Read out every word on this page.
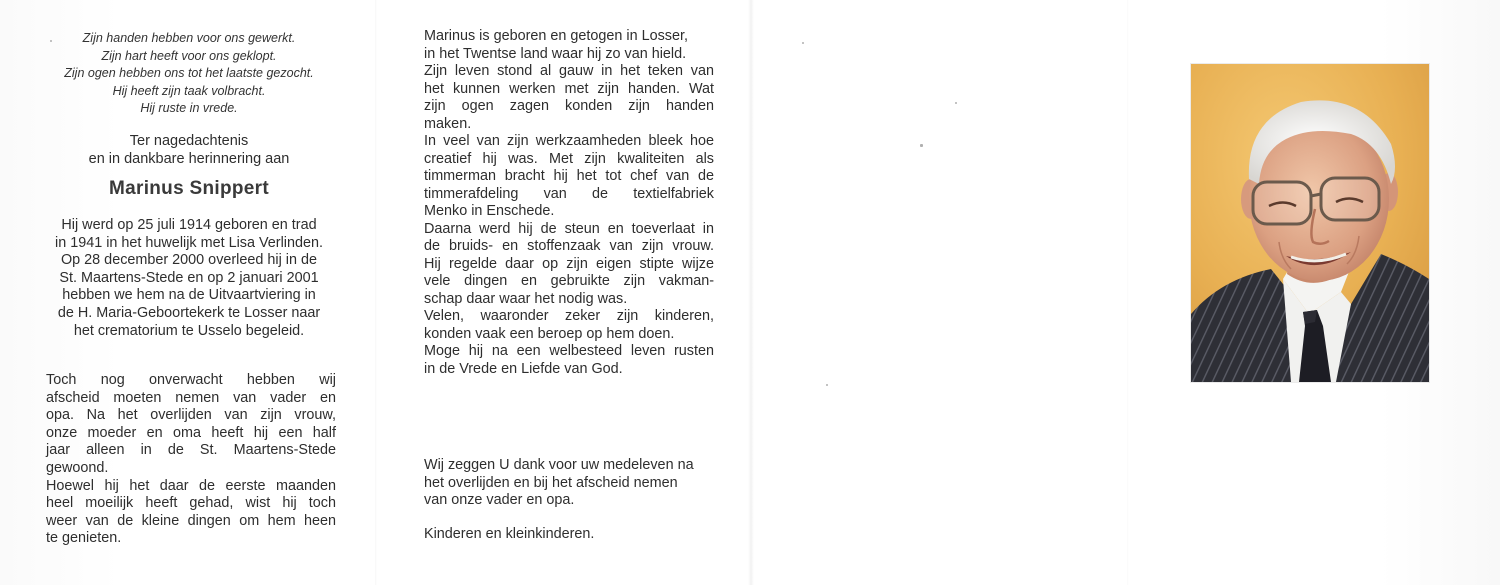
Zijn handen hebben voor ons gewerkt.
Zijn hart heeft voor ons geklopt.
Zijn ogen hebben ons tot het laatste gezocht.
Hij heeft zijn taak volbracht.
Hij ruste in vrede.
Ter nagedachtenis
en in dankbare herinnering aan
Marinus Snippert
Hij werd op 25 juli 1914 geboren en trad
in 1941 in het huwelijk met Lisa Verlinden.
Op 28 december 2000 overleed hij in de
St. Maartens-Stede en op 2 januari 2001
hebben we hem na de Uitvaartviering in
de H. Maria-Geboortekerk te Losser naar
het crematorium te Usselo begeleid.
Toch nog onverwacht hebben wij
afscheid moeten nemen van vader en
opa. Na het overlijden van zijn vrouw,
onze moeder en oma heeft hij een half
jaar alleen in de St. Maartens-Stede
gewoond.
Hoewel hij het daar de eerste maanden
heel moeilijk heeft gehad, wist hij toch
weer van de kleine dingen om hem heen
te genieten.
Marinus is geboren en getogen in Losser,
in het Twentse land waar hij zo van hield.
Zijn leven stond al gauw in het teken van
het kunnen werken met zijn handen. Wat
zijn ogen zagen konden zijn handen
maken.
In veel van zijn werkzaamheden bleek hoe
creatief hij was. Met zijn kwaliteiten als
timmerman bracht hij het tot chef van de
timmerafdeling van de textielfabriek
Menko in Enschede.
Daarna werd hij de steun en toeverlaat in
de bruids- en stoffenzaak van zijn vrouw.
Hij regelde daar op zijn eigen stipte wijze
vele dingen en gebruikte zijn vakman-
schap daar waar het nodig was.
Velen, waaronder zeker zijn kinderen,
konden vaak een beroep op hem doen.
Moge hij na een welbesteed leven rusten
in de Vrede en Liefde van God.
Wij zeggen U dank voor uw medeleven na
het overlijden en bij het afscheid nemen
van onze vader en opa.
Kinderen en kleinkinderen.
